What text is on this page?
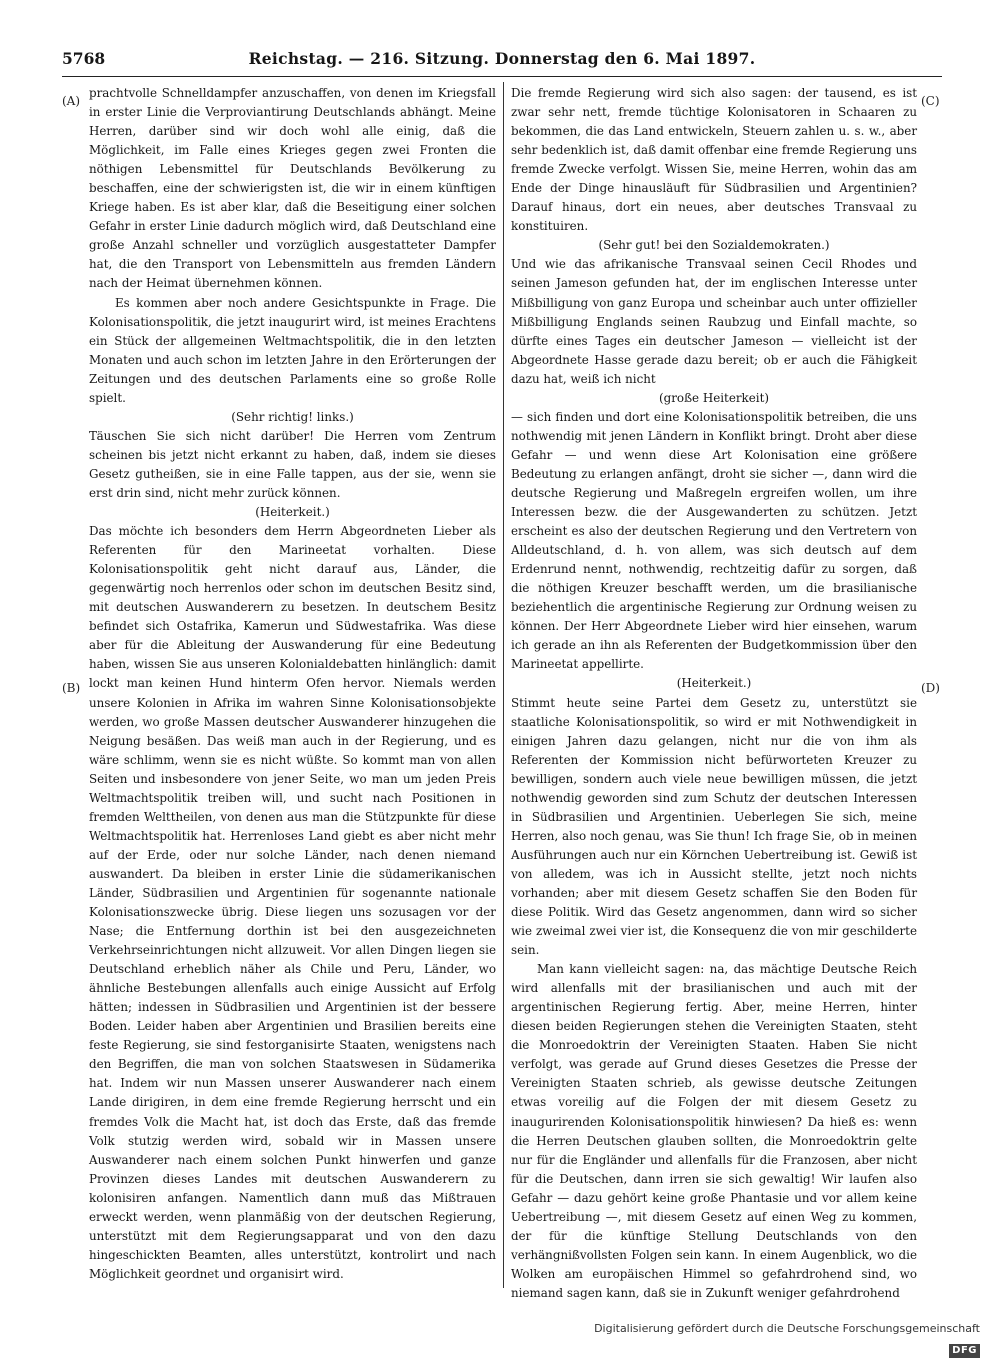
5768	Reichstag. — 216. Sitzung. Donnerstag den 6. Mai 1897.
(A)
(B)
(C)
(D)

prachtvolle Schnelldampfer anzuschaffen, von denen im Kriegsfall in erster Linie die Verproviantirung Deutschlands abhängt. Meine Herren, darüber sind wir doch wohl alle einig, daß die Möglichkeit, im Falle eines Krieges gegen zwei Fronten die nöthigen Lebensmittel für Deutschlands Bevölkerung zu beschaffen, eine der schwierigsten ist, die wir in einem künftigen Kriege haben. Es ist aber klar, daß die Beseitigung einer solchen Gefahr in erster Linie dadurch möglich wird, daß Deutschland eine große Anzahl schneller und vorzüglich ausgestatteter Dampfer hat, die den Transport von Lebensmitteln aus fremden Ländern nach der Heimat übernehmen können.

Es kommen aber noch andere Gesichtspunkte in Frage. Die Kolonisationspolitik, die jetzt inaugurirt wird, ist meines Erachtens ein Stück der allgemeinen Weltmachtspolitik, die in den letzten Monaten und auch schon im letzten Jahre in den Erörterungen der Zeitungen und des deutschen Parlaments eine so große Rolle spielt.

(Sehr richtig! links.)

Täuschen Sie sich nicht darüber! Die Herren vom Zentrum scheinen bis jetzt nicht erkannt zu haben, daß, indem sie dieses Gesetz gutheißen, sie in eine Falle tappen, aus der sie, wenn sie erst drin sind, nicht mehr zurück können.

(Heiterkeit.)

Das möchte ich besonders dem Herrn Abgeordneten Lieber als Referenten für den Marineetat vorhalten. Diese Kolonisationspolitik geht nicht darauf aus, Länder, die gegenwärtig noch herrenlos oder schon im deutschen Besitz sind, mit deutschen Auswanderern zu besetzen. In deutschem Besitz befindet sich Ostafrika, Kamerun und Südwestafrika. Was diese aber für die Ableitung der Auswanderung für eine Bedeutung haben, wissen Sie aus unseren Kolonialdebatten hinlänglich: damit lockt man keinen Hund hinterm Ofen hervor. Niemals werden unsere Kolonien in Afrika im wahren Sinne Kolonisationsobjekte werden, wo große Massen deutscher Auswanderer hinzugehen die Neigung besäßen. Das weiß man auch in der Regierung, und es wäre schlimm, wenn sie es nicht wüßte. So kommt man von allen Seiten und insbesondere von jener Seite, wo man um jeden Preis Weltmachtspolitik treiben will, und sucht nach Positionen in fremden Welttheilen, von denen aus man die Stützpunkte für diese Weltmachtspolitik hat. Herrenloses Land giebt es aber nicht mehr auf der Erde, oder nur solche Länder, nach denen niemand auswandert. Da bleiben in erster Linie die südamerikanischen Länder, Südbrasilien und Argentinien für sogenannte nationale Kolonisationszwecke übrig. Diese liegen uns sozusagen vor der Nase; die Entfernung dorthin ist bei den ausgezeichneten Verkehrseinrichtungen nicht allzuweit. Vor allen Dingen liegen sie Deutschland erheblich näher als Chile und Peru, Länder, wo ähnliche Bestebungen allenfalls auch einige Aussicht auf Erfolg hätten; indessen in Südbrasilien und Argentinien ist der bessere Boden. Leider haben aber Argentinien und Brasilien bereits eine feste Regierung, sie sind festorganisirte Staaten, wenigstens nach den Begriffen, die man von solchen Staatswesen in Südamerika hat. Indem wir nun Massen unserer Auswanderer nach einem Lande dirigiren, in dem eine fremde Regierung herrscht und ein fremdes Volk die Macht hat, ist doch das Erste, daß das fremde Volk stutzig werden wird, sobald wir in Massen unsere Auswanderer nach einem solchen Punkt hinwerfen und ganze Provinzen dieses Landes mit deutschen Auswanderern zu kolonisiren anfangen. Namentlich dann muß das Mißtrauen erweckt werden, wenn planmäßig von der deutschen Regierung, unterstützt mit dem Regierungsapparat und von den dazu hingeschickten Beamten, alles unterstützt, kontrolirt und nach Möglichkeit geordnet und organisirt wird.

Die fremde Regierung wird sich also sagen: der tausend, es ist zwar sehr nett, fremde tüchtige Kolonisatoren in Schaaren zu bekommen, die das Land entwickeln, Steuern zahlen u. s. w., aber sehr bedenklich ist, daß damit offenbar eine fremde Regierung uns fremde Zwecke verfolgt. Wissen Sie, meine Herren, wohin das am Ende der Dinge hinausläuft für Südbrasilien und Argentinien? Darauf hinaus, dort ein neues, aber deutsches Transvaal zu konstituiren.

(Sehr gut! bei den Sozialdemokraten.)

Und wie das afrikanische Transvaal seinen Cecil Rhodes und seinen Jameson gefunden hat, der im englischen Interesse unter Mißbilligung von ganz Europa und scheinbar auch unter offizieller Mißbilligung Englands seinen Raubzug und Einfall machte, so dürfte eines Tages ein deutscher Jameson — vielleicht ist der Abgeordnete Hasse gerade dazu bereit; ob er auch die Fähigkeit dazu hat, weiß ich nicht

(große Heiterkeit)

— sich finden und dort eine Kolonisationspolitik betreiben, die uns nothwendig mit jenen Ländern in Konflikt bringt. Droht aber diese Gefahr — und wenn diese Art Kolonisation eine größere Bedeutung zu erlangen anfängt, droht sie sicher —, dann wird die deutsche Regierung und Maßregeln ergreifen wollen, um ihre Interessen bezw. die der Ausgewanderten zu schützen. Jetzt erscheint es also der deutschen Regierung und den Vertretern von Alldeutschland, d. h. von allem, was sich deutsch auf dem Erdenrund nennt, nothwendig, rechtzeitig dafür zu sorgen, daß die nöthigen Kreuzer beschafft werden, um die brasilianische beziehentlich die argentinische Regierung zur Ordnung weisen zu können. Der Herr Abgeordnete Lieber wird hier einsehen, warum ich gerade an ihn als Referenten der Budgetkommission über den Marineetat appellirte.

(Heiterkeit.)

Stimmt heute seine Partei dem Gesetz zu, unterstützt sie staatliche Kolonisationspolitik, so wird er mit Nothwendigkeit in einigen Jahren dazu gelangen, nicht nur die von ihm als Referenten der Kommission nicht befürworteten Kreuzer zu bewilligen, sondern auch viele neue bewilligen müssen, die jetzt nothwendig geworden sind zum Schutz der deutschen Interessen in Südbrasilien und Argentinien. Ueberlegen Sie sich, meine Herren, also noch genau, was Sie thun! Ich frage Sie, ob in meinen Ausführungen auch nur ein Körnchen Uebertreibung ist. Gewiß ist von alledem, was ich in Aussicht stellte, jetzt noch nichts vorhanden; aber mit diesem Gesetz schaffen Sie den Boden für diese Politik. Wird das Gesetz angenommen, dann wird so sicher wie zweimal zwei vier ist, die Konsequenz die von mir geschilderte sein.

Man kann vielleicht sagen: na, das mächtige Deutsche Reich wird allenfalls mit der brasilianischen und auch mit der argentinischen Regierung fertig. Aber, meine Herren, hinter diesen beiden Regierungen stehen die Vereinigten Staaten, steht die Monroedoktrin der Vereinigten Staaten. Haben Sie nicht verfolgt, was gerade auf Grund dieses Gesetzes die Presse der Vereinigten Staaten schrieb, als gewisse deutsche Zeitungen etwas voreilig auf die Folgen der mit diesem Gesetz zu inaugurirenden Kolonisationspolitik hinwiesen? Da hieß es: wenn die Herren Deutschen glauben sollten, die Monroedoktrin gelte nur für die Engländer und allenfalls für die Franzosen, aber nicht für die Deutschen, dann irren sie sich gewaltig! Wir laufen also Gefahr — dazu gehört keine große Phantasie und vor allem keine Uebertreibung —, mit diesem Gesetz auf einen Weg zu kommen, der für die künftige Stellung Deutschlands von den verhängnißvollsten Folgen sein kann. In einem Augenblick, wo die Wolken am europäischen Himmel so gefahrdrohend sind, wo niemand sagen kann, daß sie in Zukunft weniger gefahrdrohend

Digitalisierung gefördert durch die Deutsche Forschungsgemeinschaft DFG
